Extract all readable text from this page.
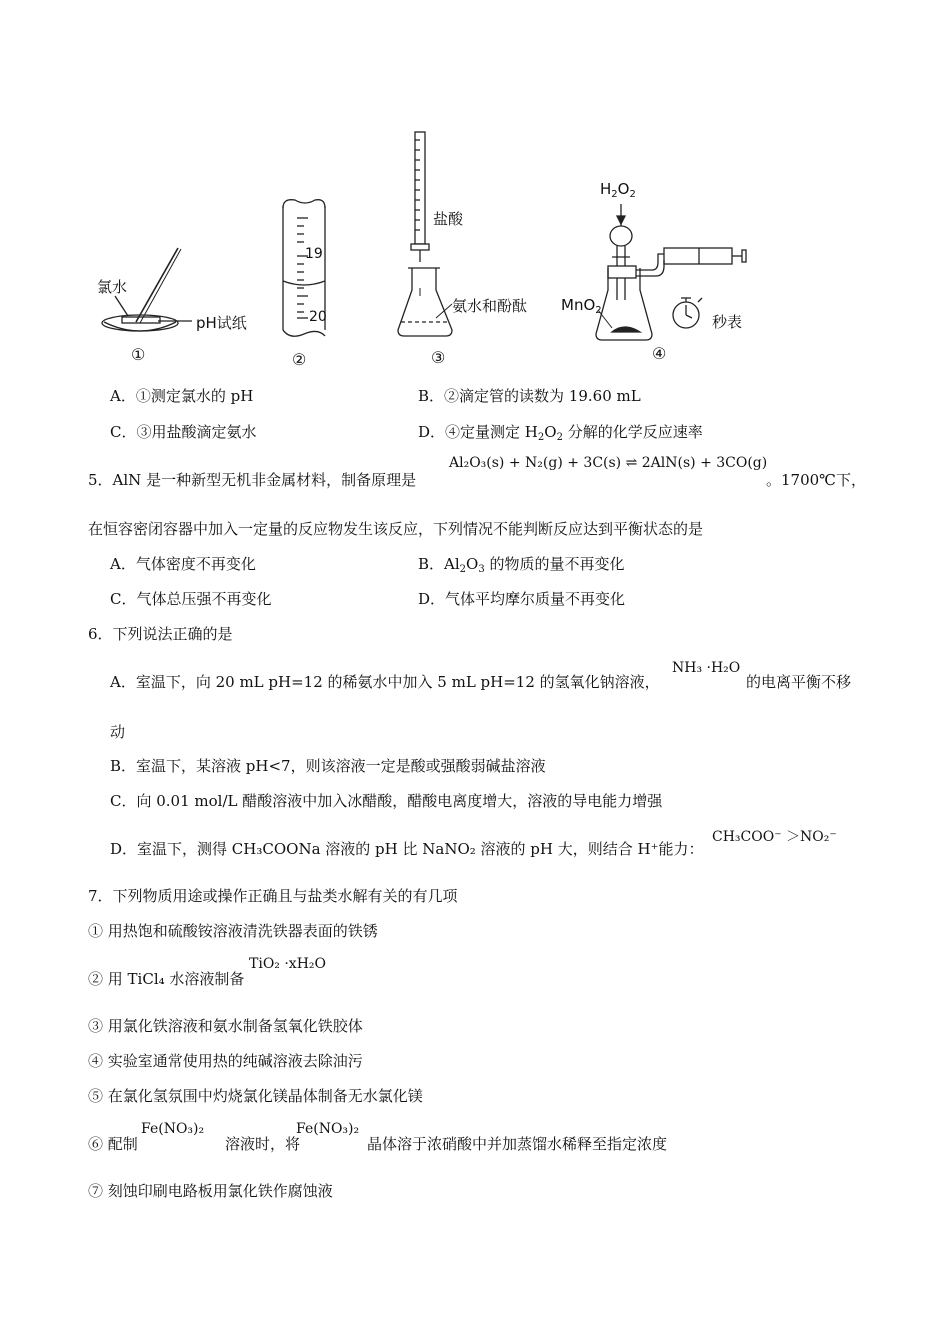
氯水
pH试纸
①
19
20
②
盐酸
氨水和酚酞
③
$H_2O_2$
MnO$_2$
秒表
④
A．①测定氯水的 pH	B．②滴定管的读数为 19.60 mL
C．③用盐酸滴定氨水	D．④定量测定 $H_2O_2$ 分解的化学反应速率
5．AlN 是一种新型无机非金属材料，制备原理是
Al₂O₃(s) + N₂(g) + 3C(s) ⇌ 2AlN(s) + 3CO(g)
。1700℃下，
在恒容密闭容器中加入一定量的反应物发生该反应，下列情况不能判断反应达到平衡状态的是
A．气体密度不再变化	B．$Al_2O_3$ 的物质的量不再变化
C．气体总压强不再变化	D．气体平均摩尔质量不再变化
6．下列说法正确的是
A．室温下，向 20 mL pH=12 的稀氨水中加入 5 mL pH=12 的氢氧化钠溶液，
NH₃ ·H₂O
的电离平衡不移
动
B．室温下，某溶液 pH<7，则该溶液一定是酸或强酸弱碱盐溶液
C．向 0.01 mol/L 醋酸溶液中加入冰醋酸，醋酸电离度增大，溶液的导电能力增强
D．室温下，测得 CH₃COONa 溶液的 pH 比 NaNO₂ 溶液的 pH 大，则结合 H⁺能力：
CH₃COO⁻ ＞NO₂⁻
7．下列物质用途或操作正确且与盐类水解有关的有几项
① 用热饱和硫酸铵溶液清洗铁器表面的铁锈
② 用 TiCl₄ 水溶液制备
TiO₂ ·xH₂O
③ 用氯化铁溶液和氨水制备氢氧化铁胶体
④ 实验室通常使用热的纯碱溶液去除油污
⑤ 在氯化氢氛围中灼烧氯化镁晶体制备无水氯化镁
⑥ 配制
Fe(NO₃)₂
溶液时，将
Fe(NO₃)₂
晶体溶于浓硝酸中并加蒸馏水稀释至指定浓度
⑦ 刻蚀印刷电路板用氯化铁作腐蚀液
